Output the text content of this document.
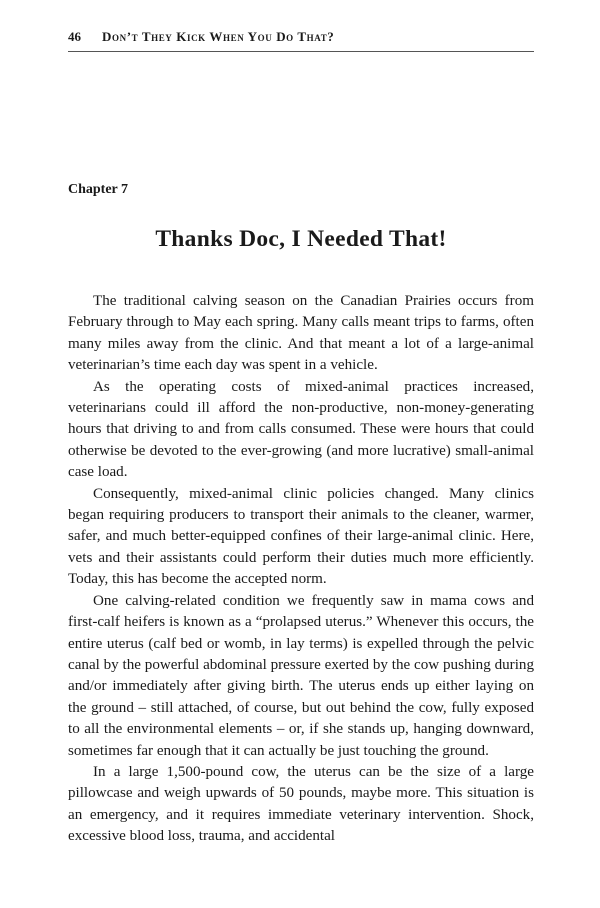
46 Don’t They Kick When You Do That?
Chapter 7
Thanks Doc, I Needed That!

The traditional calving season on the Canadian Prairies occurs from February through to May each spring. Many calls meant trips to farms, often many miles away from the clinic. And that meant a lot of a large-animal veterinarian’s time each day was spent in a vehicle.

As the operating costs of mixed-animal practices increased, veterinarians could ill afford the non-productive, non-money-generating hours that driving to and from calls consumed. These were hours that could otherwise be devoted to the ever-growing (and more lucrative) small-animal case load.

Consequently, mixed-animal clinic policies changed. Many clinics began requiring producers to transport their animals to the cleaner, warmer, safer, and much better-equipped confines of their large-animal clinic. Here, vets and their assistants could perform their duties much more efficiently. Today, this has become the accepted norm.

One calving-related condition we frequently saw in mama cows and first-calf heifers is known as a “prolapsed uterus.” Whenever this occurs, the entire uterus (calf bed or womb, in lay terms) is expelled through the pelvic canal by the powerful abdominal pressure exerted by the cow pushing during and/or immediately after giving birth. The uterus ends up either laying on the ground – still attached, of course, but out behind the cow, fully exposed to all the environmental elements – or, if she stands up, hanging downward, sometimes far enough that it can actually be just touching the ground.

In a large 1,500-pound cow, the uterus can be the size of a large pillowcase and weigh upwards of 50 pounds, maybe more. This situation is an emergency, and it requires immediate veterinary intervention. Shock, excessive blood loss, trauma, and accidental
